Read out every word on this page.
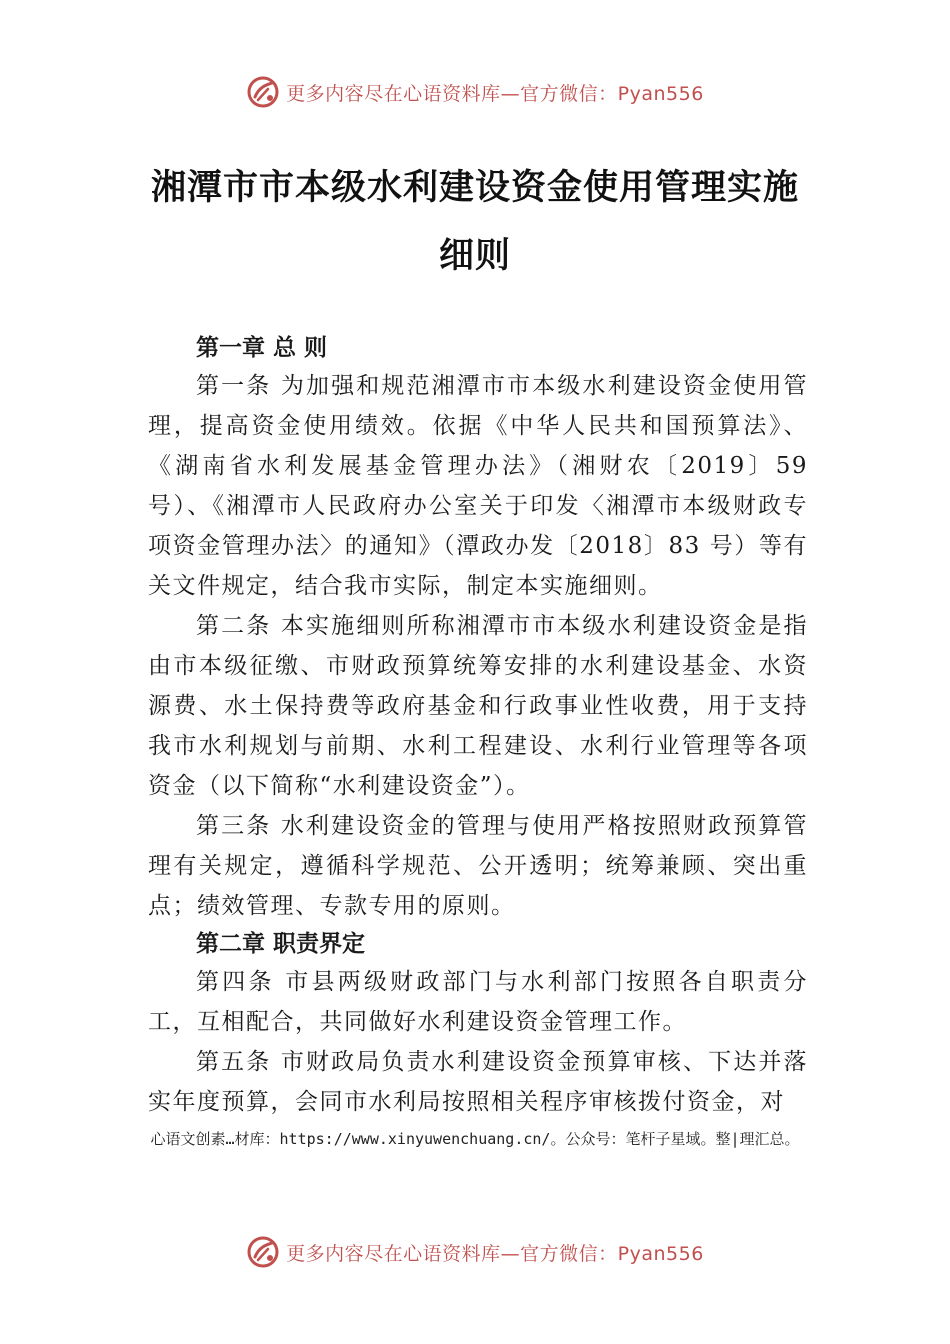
更多内容尽在心语资料库—官方微信：Pyan556
湘潭市市本级水利建设资金使用管理实施
细则

第一章 总 则

第一条 为加强和规范湘潭市市本级水利建设资金使用管理，提高资金使用绩效。依据《中华人民共和国预算法》、《湖南省水利发展基金管理办法》（湘财农〔2019〕59 号）、《湘潭市人民政府办公室关于印发〈湘潭市本级财政专项资金管理办法〉的通知》（潭政办发〔2018〕83 号）等有关文件规定，结合我市实际，制定本实施细则。

第二条 本实施细则所称湘潭市市本级水利建设资金是指由市本级征缴、市财政预算统筹安排的水利建设基金、水资源费、水土保持费等政府基金和行政事业性收费，用于支持我市水利规划与前期、水利工程建设、水利行业管理等各项资金（以下简称“水利建设资金”）。

第三条 水利建设资金的管理与使用严格按照财政预算管理有关规定，遵循科学规范、公开透明；统筹兼顾、突出重点；绩效管理、专款专用的原则。

第二章 职责界定

第四条 市县两级财政部门与水利部门按照各自职责分工，互相配合，共同做好水利建设资金管理工作。

第五条 市财政局负责水利建设资金预算审核、下达并落实年度预算，会同市水利局按照相关程序审核拨付资金，对

心语文创素…材库：https://www.xinyuwenchuang.cn/。公众号：笔杆子星域。整|理汇总。
更多内容尽在心语资料库—官方微信：Pyan556
